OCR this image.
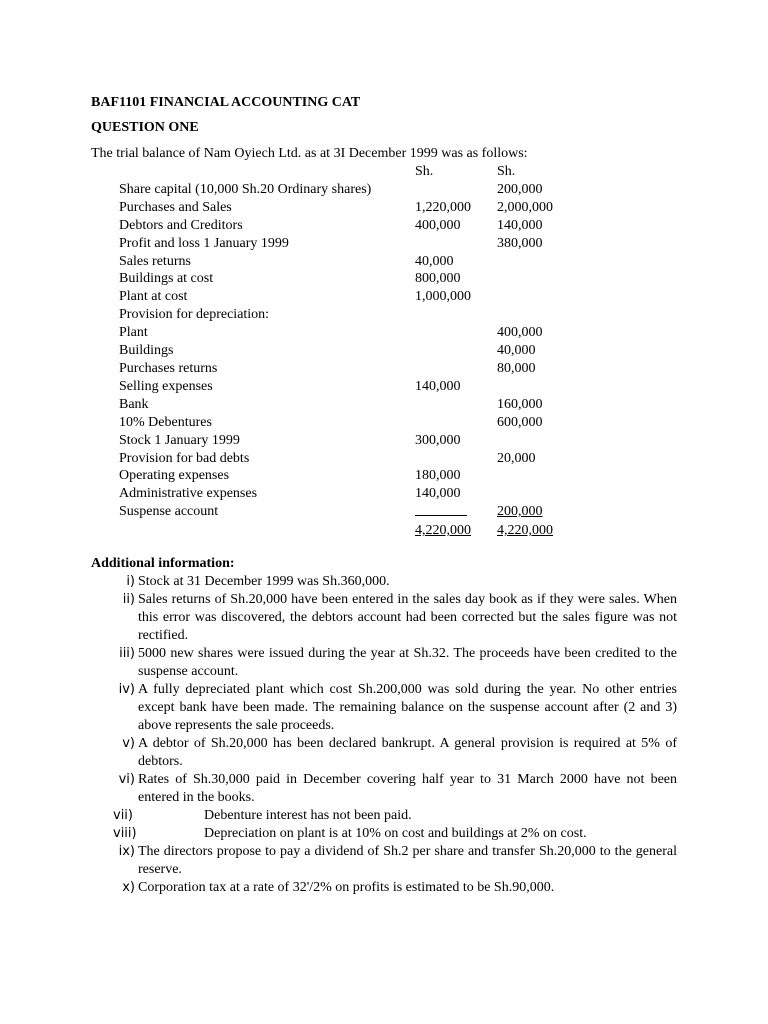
BAF1101 FINANCIAL ACCOUNTING CAT
QUESTION ONE
The trial balance of Nam Oyiech Ltd. as at 3I December 1999 was as follows:
	Sh.	Sh.
Share capital (10,000 Sh.20 Ordinary shares)		200,000
Purchases and Sales	1,220,000	2,000,000
Debtors and Creditors	400,000	140,000
Profit and loss 1 January 1999		380,000
Sales returns	40,000	
Buildings at cost	800,000	
Plant at cost	1,000,000	
Provision for depreciation:		
Plant		400,000
Buildings		40,000
Purchases returns		80,000
Selling expenses	140,000	
Bank		160,000
10% Debentures		600,000
Stock 1 January 1999	300,000	
Provision for bad debts		20,000
Operating expenses	180,000	
Administrative expenses	140,000	
Suspense account		200,000
	4,220,000	4,220,000
Additional information:
i) Stock at 31 December 1999 was Sh.360,000.
ii) Sales returns of Sh.20,000 have been entered in the sales day book as if they were sales. When this error was discovered, the debtors account had been corrected but the sales figure was not rectified.
iii) 5000 new shares were issued during the year at Sh.32. The proceeds have been credited to the suspense account.
iv) A fully depreciated plant which cost Sh.200,000 was sold during the year. No other entries except bank have been made. The remaining balance on the suspense account after (2 and 3) above represents the sale proceeds.
v) A debtor of Sh.20,000 has been declared bankrupt. A general provision is required at 5% of debtors.
vi) Rates of Sh.30,000 paid in December covering half year to 31 March 2000 have not been entered in the books.
vii)	Debenture interest has not been paid.
viii)	Depreciation on plant is at 10% on cost and buildings at 2% on cost.
ix) The directors propose to pay a dividend of Sh.2 per share and transfer Sh.20,000 to the general reserve.
x) Corporation tax at a rate of 32'/2% on profits is estimated to be Sh.90,000.
